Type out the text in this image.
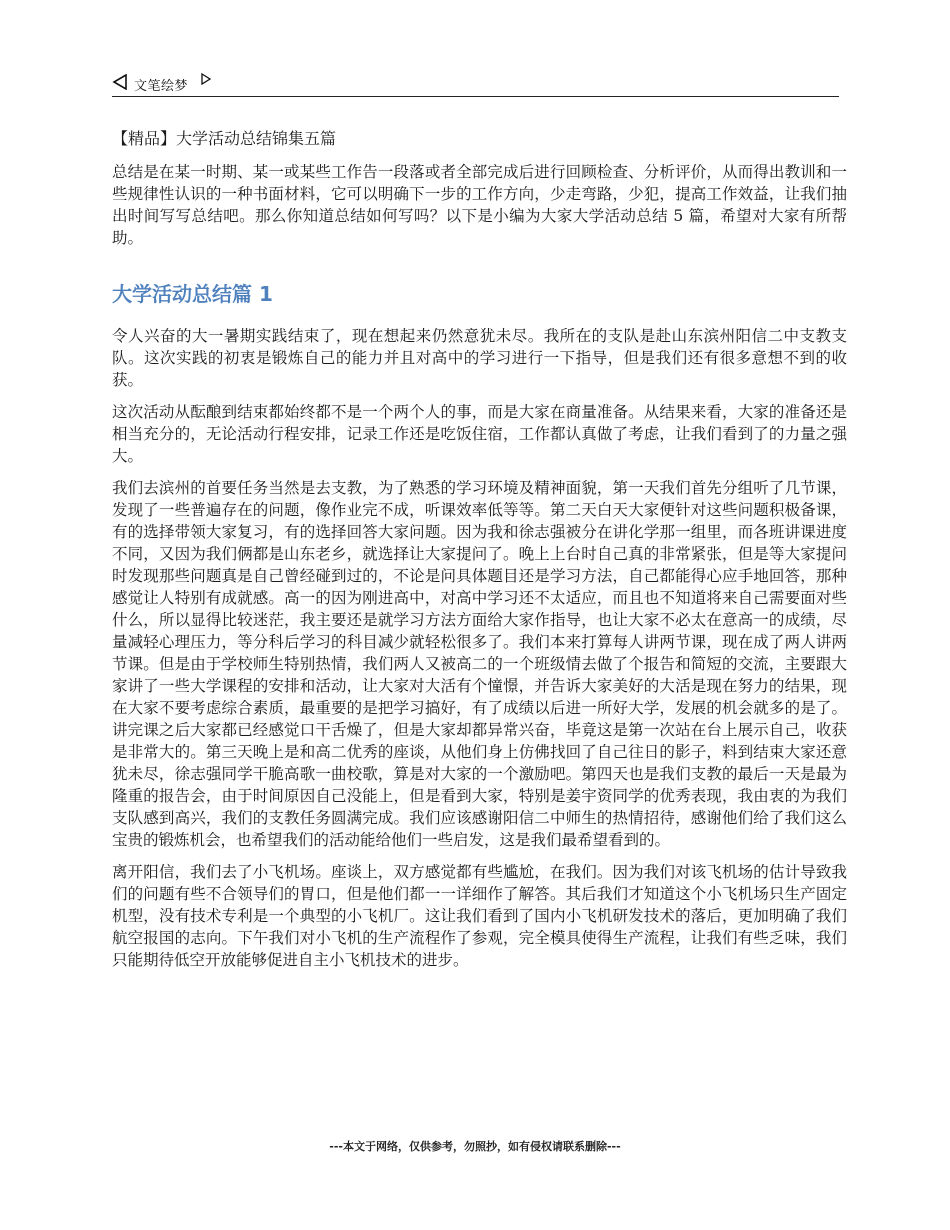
文笔绘梦
【精品】大学活动总结锦集五篇

总结是在某一时期、某一或某些工作告一段落或者全部完成后进行回顾检查、分析评价，从而得出教训和一些规律性认识的一种书面材料，它可以明确下一步的工作方向，少走弯路，少犯，提高工作效益，让我们抽出时间写写总结吧。那么你知道总结如何写吗？以下是小编为大家大学活动总结 5 篇，希望对大家有所帮助。

大学活动总结篇 1

令人兴奋的大一暑期实践结束了，现在想起来仍然意犹未尽。我所在的支队是赴山东滨州阳信二中支教支队。这次实践的初衷是锻炼自己的能力并且对高中的学习进行一下指导，但是我们还有很多意想不到的收获。

这次活动从酝酿到结束都始终都不是一个两个人的事，而是大家在商量准备。从结果来看，大家的准备还是相当充分的，无论活动行程安排，记录工作还是吃饭住宿，工作都认真做了考虑，让我们看到了的力量之强大。

我们去滨州的首要任务当然是去支教，为了熟悉的学习环境及精神面貌，第一天我们首先分组听了几节课，发现了一些普遍存在的问题，像作业完不成，听课效率低等等。第二天白天大家便针对这些问题积极备课，有的选择带领大家复习，有的选择回答大家问题。因为我和徐志强被分在讲化学那一组里，而各班讲课进度不同，又因为我们俩都是山东老乡，就选择让大家提问了。晚上上台时自己真的非常紧张，但是等大家提问时发现那些问题真是自己曾经碰到过的，不论是问具体题目还是学习方法，自己都能得心应手地回答，那种感觉让人特别有成就感。高一的因为刚进高中，对高中学习还不太适应，而且也不知道将来自己需要面对些什么，所以显得比较迷茫，我主要还是就学习方法方面给大家作指导，也让大家不必太在意高一的成绩，尽量减轻心理压力，等分科后学习的科目减少就轻松很多了。我们本来打算每人讲两节课，现在成了两人讲两节课。但是由于学校师生特别热情，我们两人又被高二的一个班级情去做了个报告和简短的交流，主要跟大家讲了一些大学课程的安排和活动，让大家对大活有个憧憬，并告诉大家美好的大活是现在努力的结果，现在大家不要考虑综合素质，最重要的是把学习搞好，有了成绩以后进一所好大学，发展的机会就多的是了。讲完课之后大家都已经感觉口干舌燥了，但是大家却都异常兴奋，毕竟这是第一次站在台上展示自己，收获是非常大的。第三天晚上是和高二优秀的座谈，从他们身上仿佛找回了自己往日的影子，料到结束大家还意犹未尽，徐志强同学干脆高歌一曲校歌，算是对大家的一个激励吧。第四天也是我们支教的最后一天是最为隆重的报告会，由于时间原因自己没能上，但是看到大家，特别是姜宇资同学的优秀表现，我由衷的为我们支队感到高兴，我们的支教任务圆满完成。我们应该感谢阳信二中师生的热情招待，感谢他们给了我们这么宝贵的锻炼机会，也希望我们的活动能给他们一些启发，这是我们最希望看到的。

离开阳信，我们去了小飞机场。座谈上，双方感觉都有些尴尬，在我们。因为我们对该飞机场的估计导致我们的问题有些不合领导们的胃口，但是他们都一一详细作了解答。其后我们才知道这个小飞机场只生产固定机型，没有技术专利是一个典型的小飞机厂。这让我们看到了国内小飞机研发技术的落后，更加明确了我们航空报国的志向。下午我们对小飞机的生产流程作了参观，完全模具使得生产流程，让我们有些乏味，我们只能期待低空开放能够促进自主小飞机技术的进步。

---本文于网络，仅供参考，勿照抄，如有侵权请联系删除---
